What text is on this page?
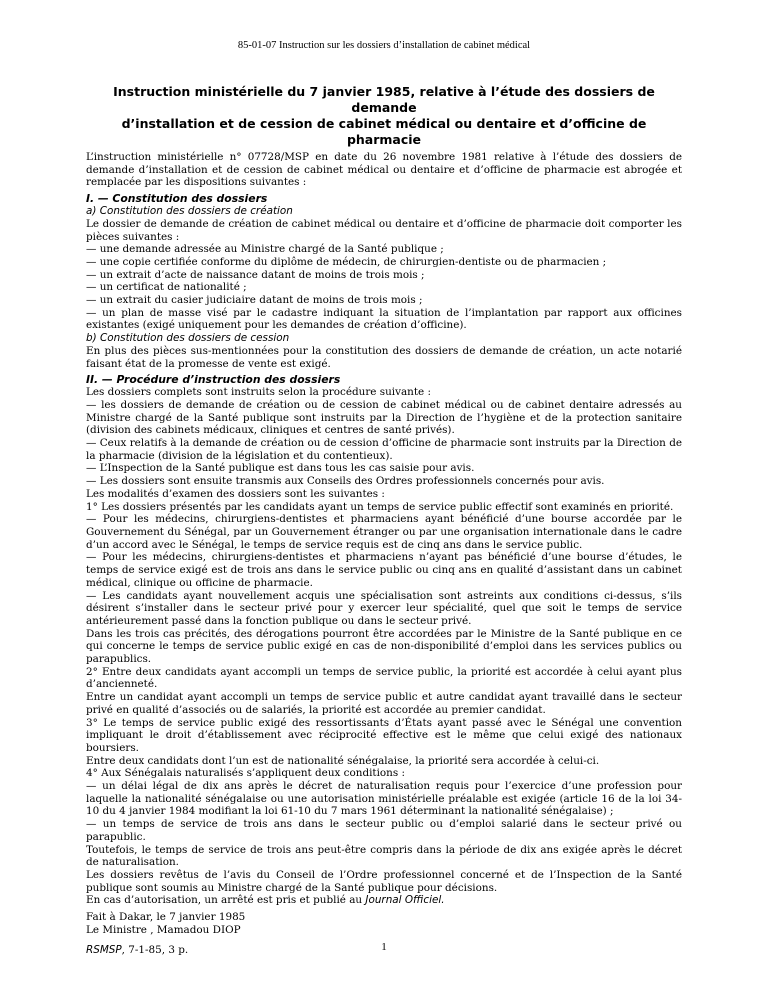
85-01-07 Instruction sur les dossiers d’installation de cabinet médical
Instruction ministérielle du 7 janvier 1985, relative à l’étude des dossiers de demande
d’installation et de cession de cabinet médical ou dentaire et d’officine de pharmacie

L’instruction ministérielle n° 07728/MSP en date du 26 novembre 1981 relative à l’étude des dossiers de demande d’installation et de cession de cabinet médical ou dentaire et d’officine de pharmacie est abrogée et remplacée par les dispositions suivantes :

I. — Constitution des dossiers
a) Constitution des dossiers de création

Le dossier de demande de création de cabinet médical ou dentaire et d’officine de pharmacie doit comporter les pièces suivantes :

— une demande adressée au Ministre chargé de la Santé publique ;

— une copie certifiée conforme du diplôme de médecin, de chirurgien-dentiste ou de pharmacien ;

— un extrait d’acte de naissance datant de moins de trois mois ;

— un certificat de nationalité ;

— un extrait du casier judiciaire datant de moins de trois mois ;

— un plan de masse visé par le cadastre indiquant la situation de l’implantation par rapport aux officines existantes (exigé uniquement pour les demandes de création d’officine).

b) Constitution des dossiers de cession

En plus des pièces sus-mentionnées pour la constitution des dossiers de demande de création, un acte notarié faisant état de la promesse de vente est exigé.

II. — Procédure d’instruction des dossiers

Les dossiers complets sont instruits selon la procédure suivante :

— les dossiers de demande de création ou de cession de cabinet médical ou de cabinet dentaire adressés au Ministre chargé de la Santé publique sont instruits par la Direction de l’hygiène et de la protection sanitaire (division des cabinets médicaux, cliniques et centres de santé privés).

— Ceux relatifs à la demande de création ou de cession d’officine de pharmacie sont instruits par la Direction de la pharmacie (division de la législation et du contentieux).

— L’Inspection de la Santé publique est dans tous les cas saisie pour avis.

— Les dossiers sont ensuite transmis aux Conseils des Ordres professionnels concernés pour avis.

Les modalités d’examen des dossiers sont les suivantes :

1° Les dossiers présentés par les candidats ayant un temps de service public effectif sont examinés en priorité.

— Pour les médecins, chirurgiens-dentistes et pharmaciens ayant bénéficié d’une bourse accordée par le Gouvernement du Sénégal, par un Gouvernement étranger ou par une organisation internationale dans le cadre d’un accord avec le Sénégal, le temps de service requis est de cinq ans dans le service public.

— Pour les médecins, chirurgiens-dentistes et pharmaciens n’ayant pas bénéficié d’une bourse d’études, le temps de service exigé est de trois ans dans le service public ou cinq ans en qualité d’assistant dans un cabinet médical, clinique ou officine de pharmacie.

— Les candidats ayant nouvellement acquis une spécialisation sont astreints aux conditions ci-dessus, s’ils désirent s’installer dans le secteur privé pour y exercer leur spécialité, quel que soit le temps de service antérieurement passé dans la fonction publique ou dans le secteur privé.

Dans les trois cas précités, des dérogations pourront être accordées par le Ministre de la Santé publique en ce qui concerne le temps de service public exigé en cas de non-disponibilité d’emploi dans les services publics ou parapublics.

2° Entre deux candidats ayant accompli un temps de service public, la priorité est accordée à celui ayant plus d’ancienneté.

Entre un candidat ayant accompli un temps de service public et autre candidat ayant travaillé dans le secteur privé en qualité d’associés ou de salariés, la priorité est accordée au premier candidat.

3° Le temps de service public exigé des ressortissants d’États ayant passé avec le Sénégal une convention impliquant le droit d’établissement avec réciprocité effective est le même que celui exigé des nationaux boursiers.

Entre deux candidats dont l’un est de nationalité sénégalaise, la priorité sera accordée à celui-ci.

4° Aux Sénégalais naturalisés s’appliquent deux conditions :

— un délai légal de dix ans après le décret de naturalisation requis pour l’exercice d’une profession pour laquelle la nationalité sénégalaise ou une autorisation ministérielle préalable est exigée (article 16 de la loi 34-10 du 4 janvier 1984 modifiant la loi 61-10 du 7 mars 1961 déterminant la nationalité sénégalaise) ;

— un temps de service de trois ans dans le secteur public ou d’emploi salarié dans le secteur privé ou parapublic.

Toutefois, le temps de service de trois ans peut-être compris dans la période de dix ans exigée après le décret de naturalisation.

Les dossiers revêtus de l’avis du Conseil de l’Ordre professionnel concerné et de l’Inspection de la Santé publique sont soumis au Ministre chargé de la Santé publique pour décisions.

En cas d’autorisation, un arrêté est pris et publié au Journal Officiel.

Fait à Dakar, le 7 janvier 1985

Le Ministre , Mamadou DIOP

RSMSP, 7-1-85, 3 p.	1
